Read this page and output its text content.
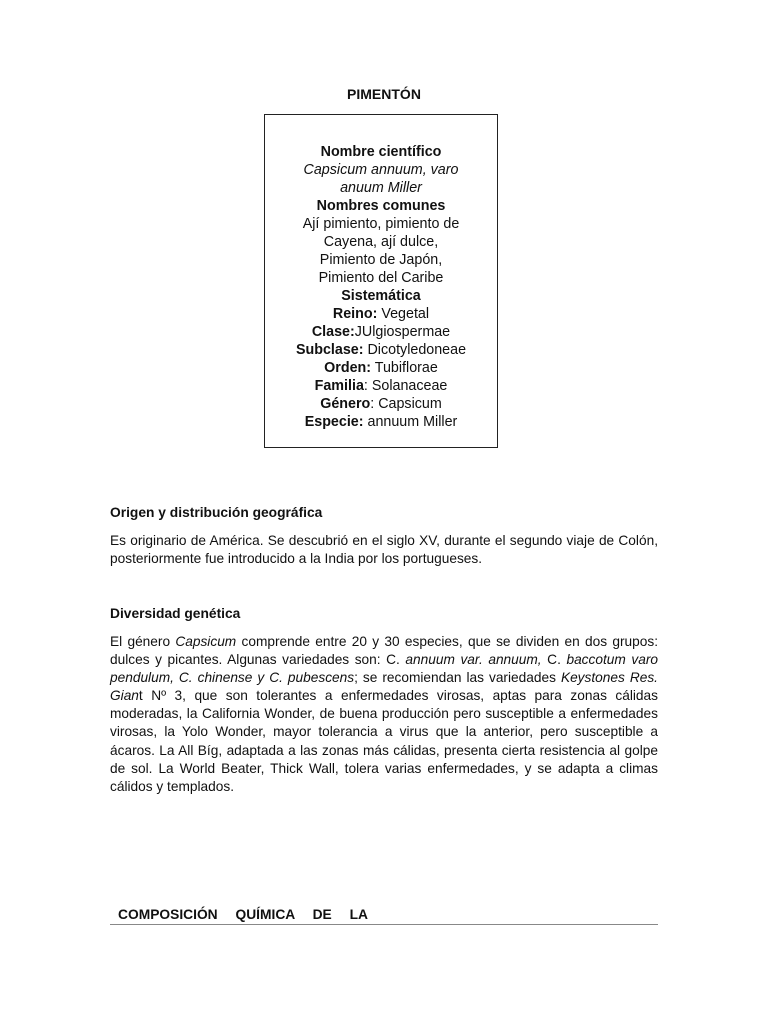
PIMENTÓN

Nombre científico

Capsicum annuum, varo

anuum Miller

Nombres comunes

Ají pimiento, pimiento de

Cayena, ají dulce,

Pimiento de Japón,

Pimiento del Caribe

Sistemática

Reino: Vegetal

Clase:JUlgiospermae

Subclase: Dicotyledoneae

Orden: Tubiflorae

Familia: Solanaceae

Género: Capsicum

Especie: annuum Miller

Origen y distribución geográfica

Es originario de América. Se descubrió en el siglo XV, durante el segundo viaje de Colón, posteriormente fue introducido a la India por los portugueses.

Diversidad genética

El género Capsicum comprende entre 20 y 30 especies, que se dividen en dos grupos: dulces y picantes. Algunas variedades son: C. annuum var. annuum, C. baccotum varo pendulum, C. chinense y C. pubescens; se recomiendan las variedades Keystones Res. Giant Nº 3, que son tolerantes a enfermedades virosas, aptas para zonas cálidas moderadas, la California Wonder, de buena producción pero susceptible a enfermedades virosas, la Yolo Wonder, mayor tolerancia a virus que la anterior, pero susceptible a ácaros. La All Bíg, adaptada a las zonas más cálidas, presenta cierta resistencia al golpe de sol. La World Beater, Thick Wall, tolera varias enfermedades, y se adapta a climas cálidos y templados.

COMPOSICIÓN QUÍMICA DE LA
